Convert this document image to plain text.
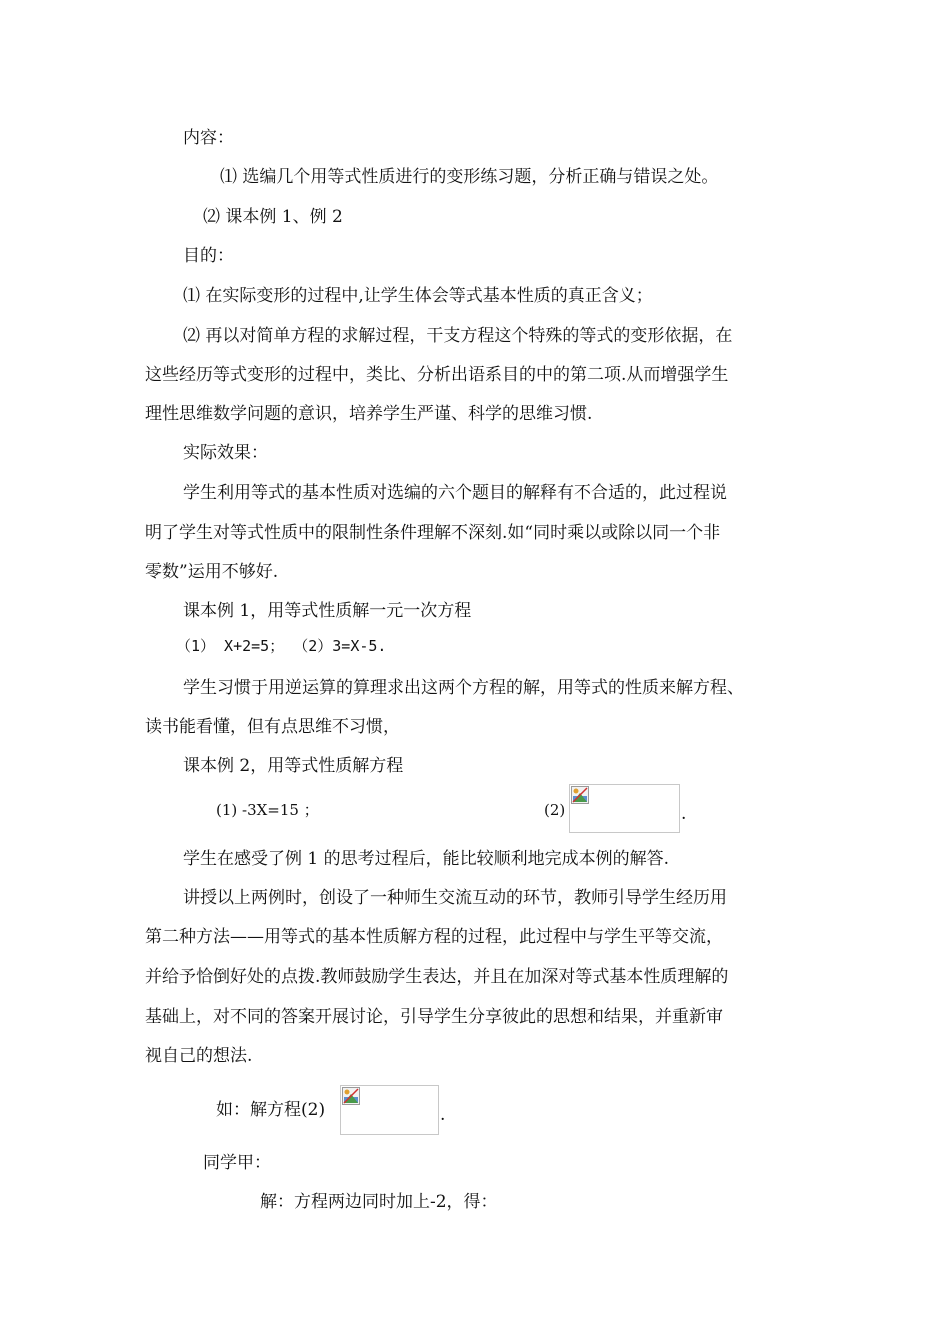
内容：
⑴ 选编几个用等式性质进行的变形练习题，分析正确与错误之处。
⑵ 课本例 1、例 2
目的：
⑴ 在实际变形的过程中,让学生体会等式基本性质的真正含义；
⑵ 再以对简单方程的求解过程，干支方程这个特殊的等式的变形依据，在
这些经历等式变形的过程中，类比、分析出语系目的中的第二项.从而增强学生
理性思维数学问题的意识，培养学生严谨、科学的思维习惯.
实际效果：
学生利用等式的基本性质对选编的六个题目的解释有不合适的，此过程说
明了学生对等式性质中的限制性条件理解不深刻.如“同时乘以或除以同一个非
零数”运用不够好.
课本例 1，用等式性质解一元一次方程
（1） X+2=5； （2）3=X-5.
学生习惯于用逆运算的算理求出这两个方程的解，用等式的性质来解方程、
读书能看懂，但有点思维不习惯，
课本例 2，用等式性质解方程
(1) -3X=15 ；	(2)	.
学生在感受了例 1 的思考过程后，能比较顺利地完成本例的解答.
讲授以上两例时，创设了一种师生交流互动的环节，教师引导学生经历用
第二种方法——用等式的基本性质解方程的过程，此过程中与学生平等交流，
并给予恰倒好处的点拨.教师鼓励学生表达，并且在加深对等式基本性质理解的
基础上，对不同的答案开展讨论，引导学生分享彼此的思想和结果，并重新审
视自己的想法.
如：解方程(2)	.
同学甲：
解：方程两边同时加上-2，得：
